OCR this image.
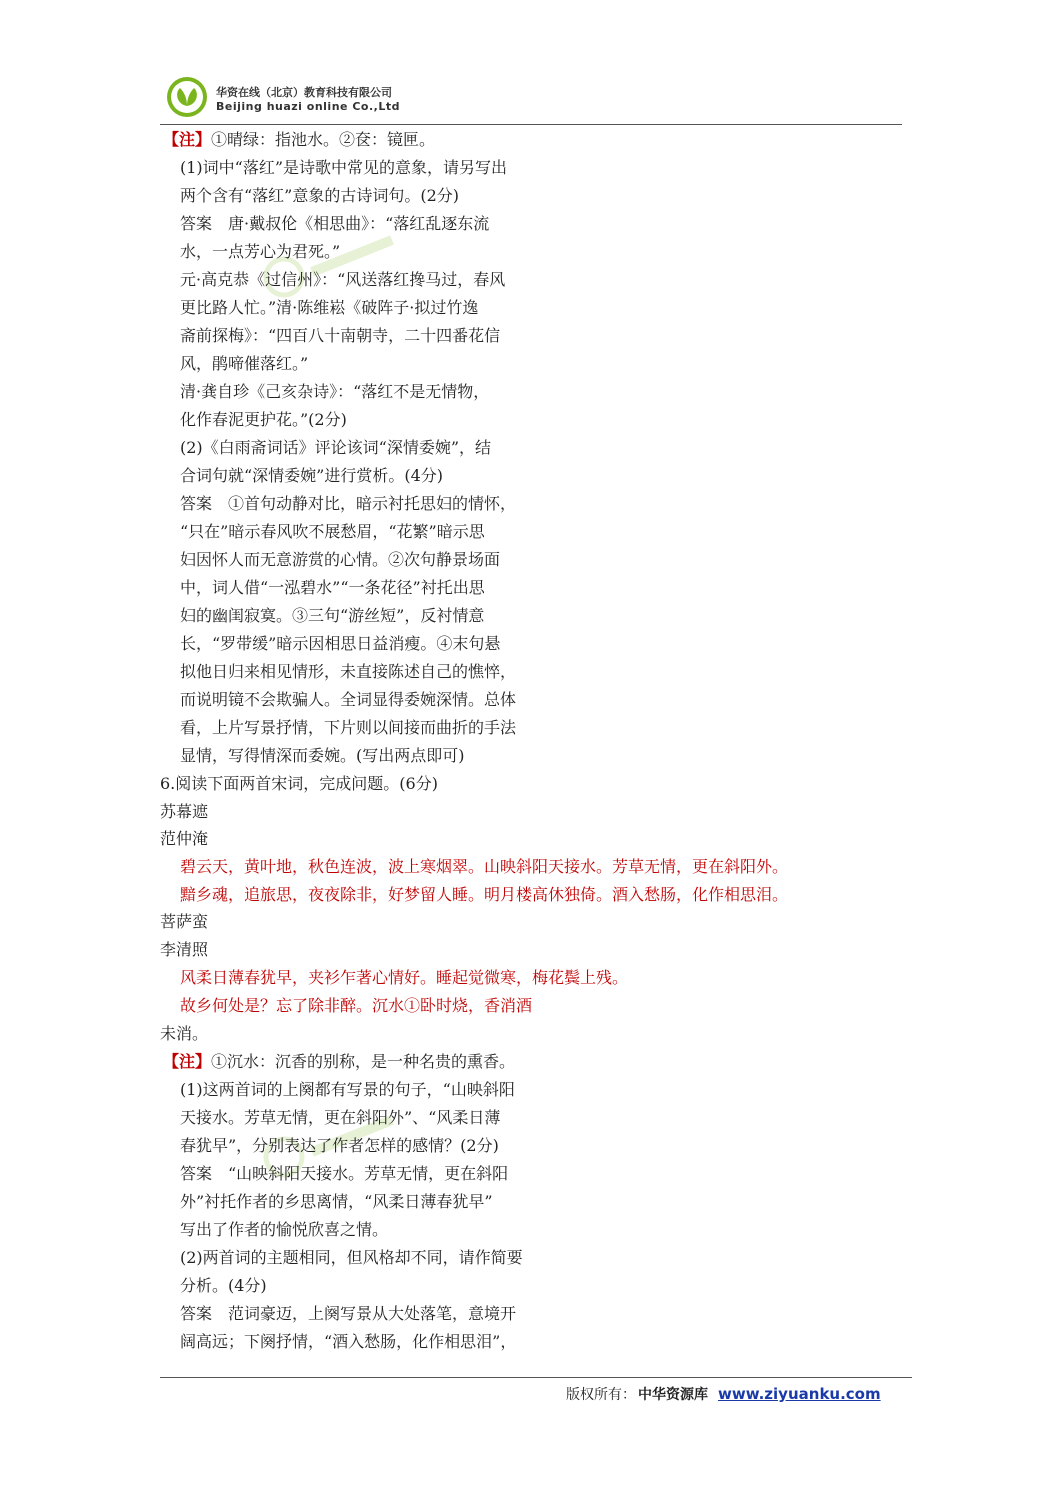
华资在线（北京）教育科技有限公司
Beijing huazi online Co.,Ltd
【注】①晴绿：指池水。②奁：镜匣。
(1)词中“落红”是诗歌中常见的意象，请另写出
两个含有“落红”意象的古诗词句。(2分)
答案　唐·戴叔伦《相思曲》：“落红乱逐东流
水，一点芳心为君死。”
元·高克恭《过信州》：“风送落红搀马过，春风
更比路人忙。”清·陈维崧《破阵子·拟过竹逸
斋前探梅》：“四百八十南朝寺，二十四番花信
风，鹃啼催落红。”
清·龚自珍《己亥杂诗》：“落红不是无情物，
化作春泥更护花。”(2分)
(2)《白雨斋词话》评论该词“深情委婉”，结
合词句就“深情委婉”进行赏析。(4分)
答案　①首句动静对比，暗示衬托思妇的情怀，
“只在”暗示春风吹不展愁眉，“花繁”暗示思
妇因怀人而无意游赏的心情。②次句静景场面
中，词人借“一泓碧水”“一条花径”衬托出思
妇的幽闺寂寞。③三句“游丝短”，反衬情意
长，“罗带缓”暗示因相思日益消瘦。④末句悬
拟他日归来相见情形，未直接陈述自己的憔悴，
而说明镜不会欺骗人。全词显得委婉深情。总体
看，上片写景抒情，下片则以间接而曲折的手法
显情，写得情深而委婉。(写出两点即可)
6.阅读下面两首宋词，完成问题。(6分)
苏幕遮
范仲淹
碧云天，黄叶地，秋色连波，波上寒烟翠。山映斜阳天接水。芳草无情，更在斜阳外。
黯乡魂，追旅思，夜夜除非，好梦留人睡。明月楼高休独倚。酒入愁肠，化作相思泪。
菩萨蛮
李清照
风柔日薄春犹早，夹衫乍著心情好。睡起觉微寒，梅花鬓上残。
故乡何处是？忘了除非醉。沉水①卧时烧，香消酒
未消。
【注】①沉水：沉香的别称，是一种名贵的熏香。
(1)这两首词的上阕都有写景的句子，“山映斜阳
天接水。芳草无情，更在斜阳外”、“风柔日薄
春犹早”，分别表达了作者怎样的感情？(2分)
答案　“山映斜阳天接水。芳草无情，更在斜阳
外”衬托作者的乡思离情，“风柔日薄春犹早”
写出了作者的愉悦欣喜之情。
(2)两首词的主题相同，但风格却不同，请作简要
分析。(4分)
答案　范词豪迈，上阕写景从大处落笔，意境开
阔高远；下阕抒情，“酒入愁肠，化作相思泪”，
版权所有： 中华资源库 www.ziyuanku.com
